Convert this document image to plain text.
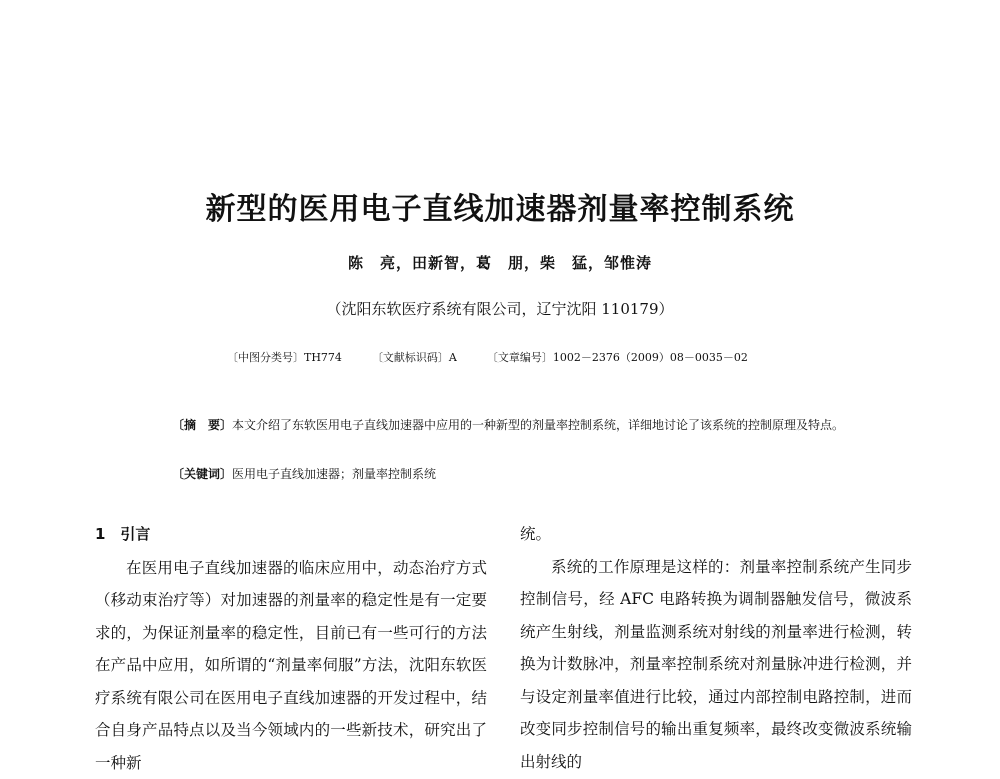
新型的医用电子直线加速器剂量率控制系统
陈　亮，田新智，葛　朋，柴　猛，邹惟涛
（沈阳东软医疗系统有限公司，辽宁沈阳 110179）
〔中图分类号〕TH774	〔文献标识码〕A	〔文章编号〕1002－2376（2009）08－0035－02
〔摘　要〕本文介绍了东软医用电子直线加速器中应用的一种新型的剂量率控制系统，详细地讨论了该系统的控制原理及特点。
〔关键词〕医用电子直线加速器；剂量率控制系统
1　引言

在医用电子直线加速器的临床应用中，动态治疗方式（移动束治疗等）对加速器的剂量率的稳定性是有一定要求的，为保证剂量率的稳定性，目前已有一些可行的方法在产品中应用，如所谓的“剂量率伺服”方法，沈阳东软医疗系统有限公司在医用电子直线加速器的开发过程中，结合自身产品特点以及当今领域内的一些新技术，研究出了一种新

统。

系统的工作原理是这样的：剂量率控制系统产生同步控制信号，经 AFC 电路转换为调制器触发信号，微波系统产生射线，剂量监测系统对射线的剂量率进行检测，转换为计数脉冲，剂量率控制系统对剂量脉冲进行检测，并与设定剂量率值进行比较，通过内部控制电路控制，进而改变同步控制信号的输出重复频率，最终改变微波系统输出射线的
